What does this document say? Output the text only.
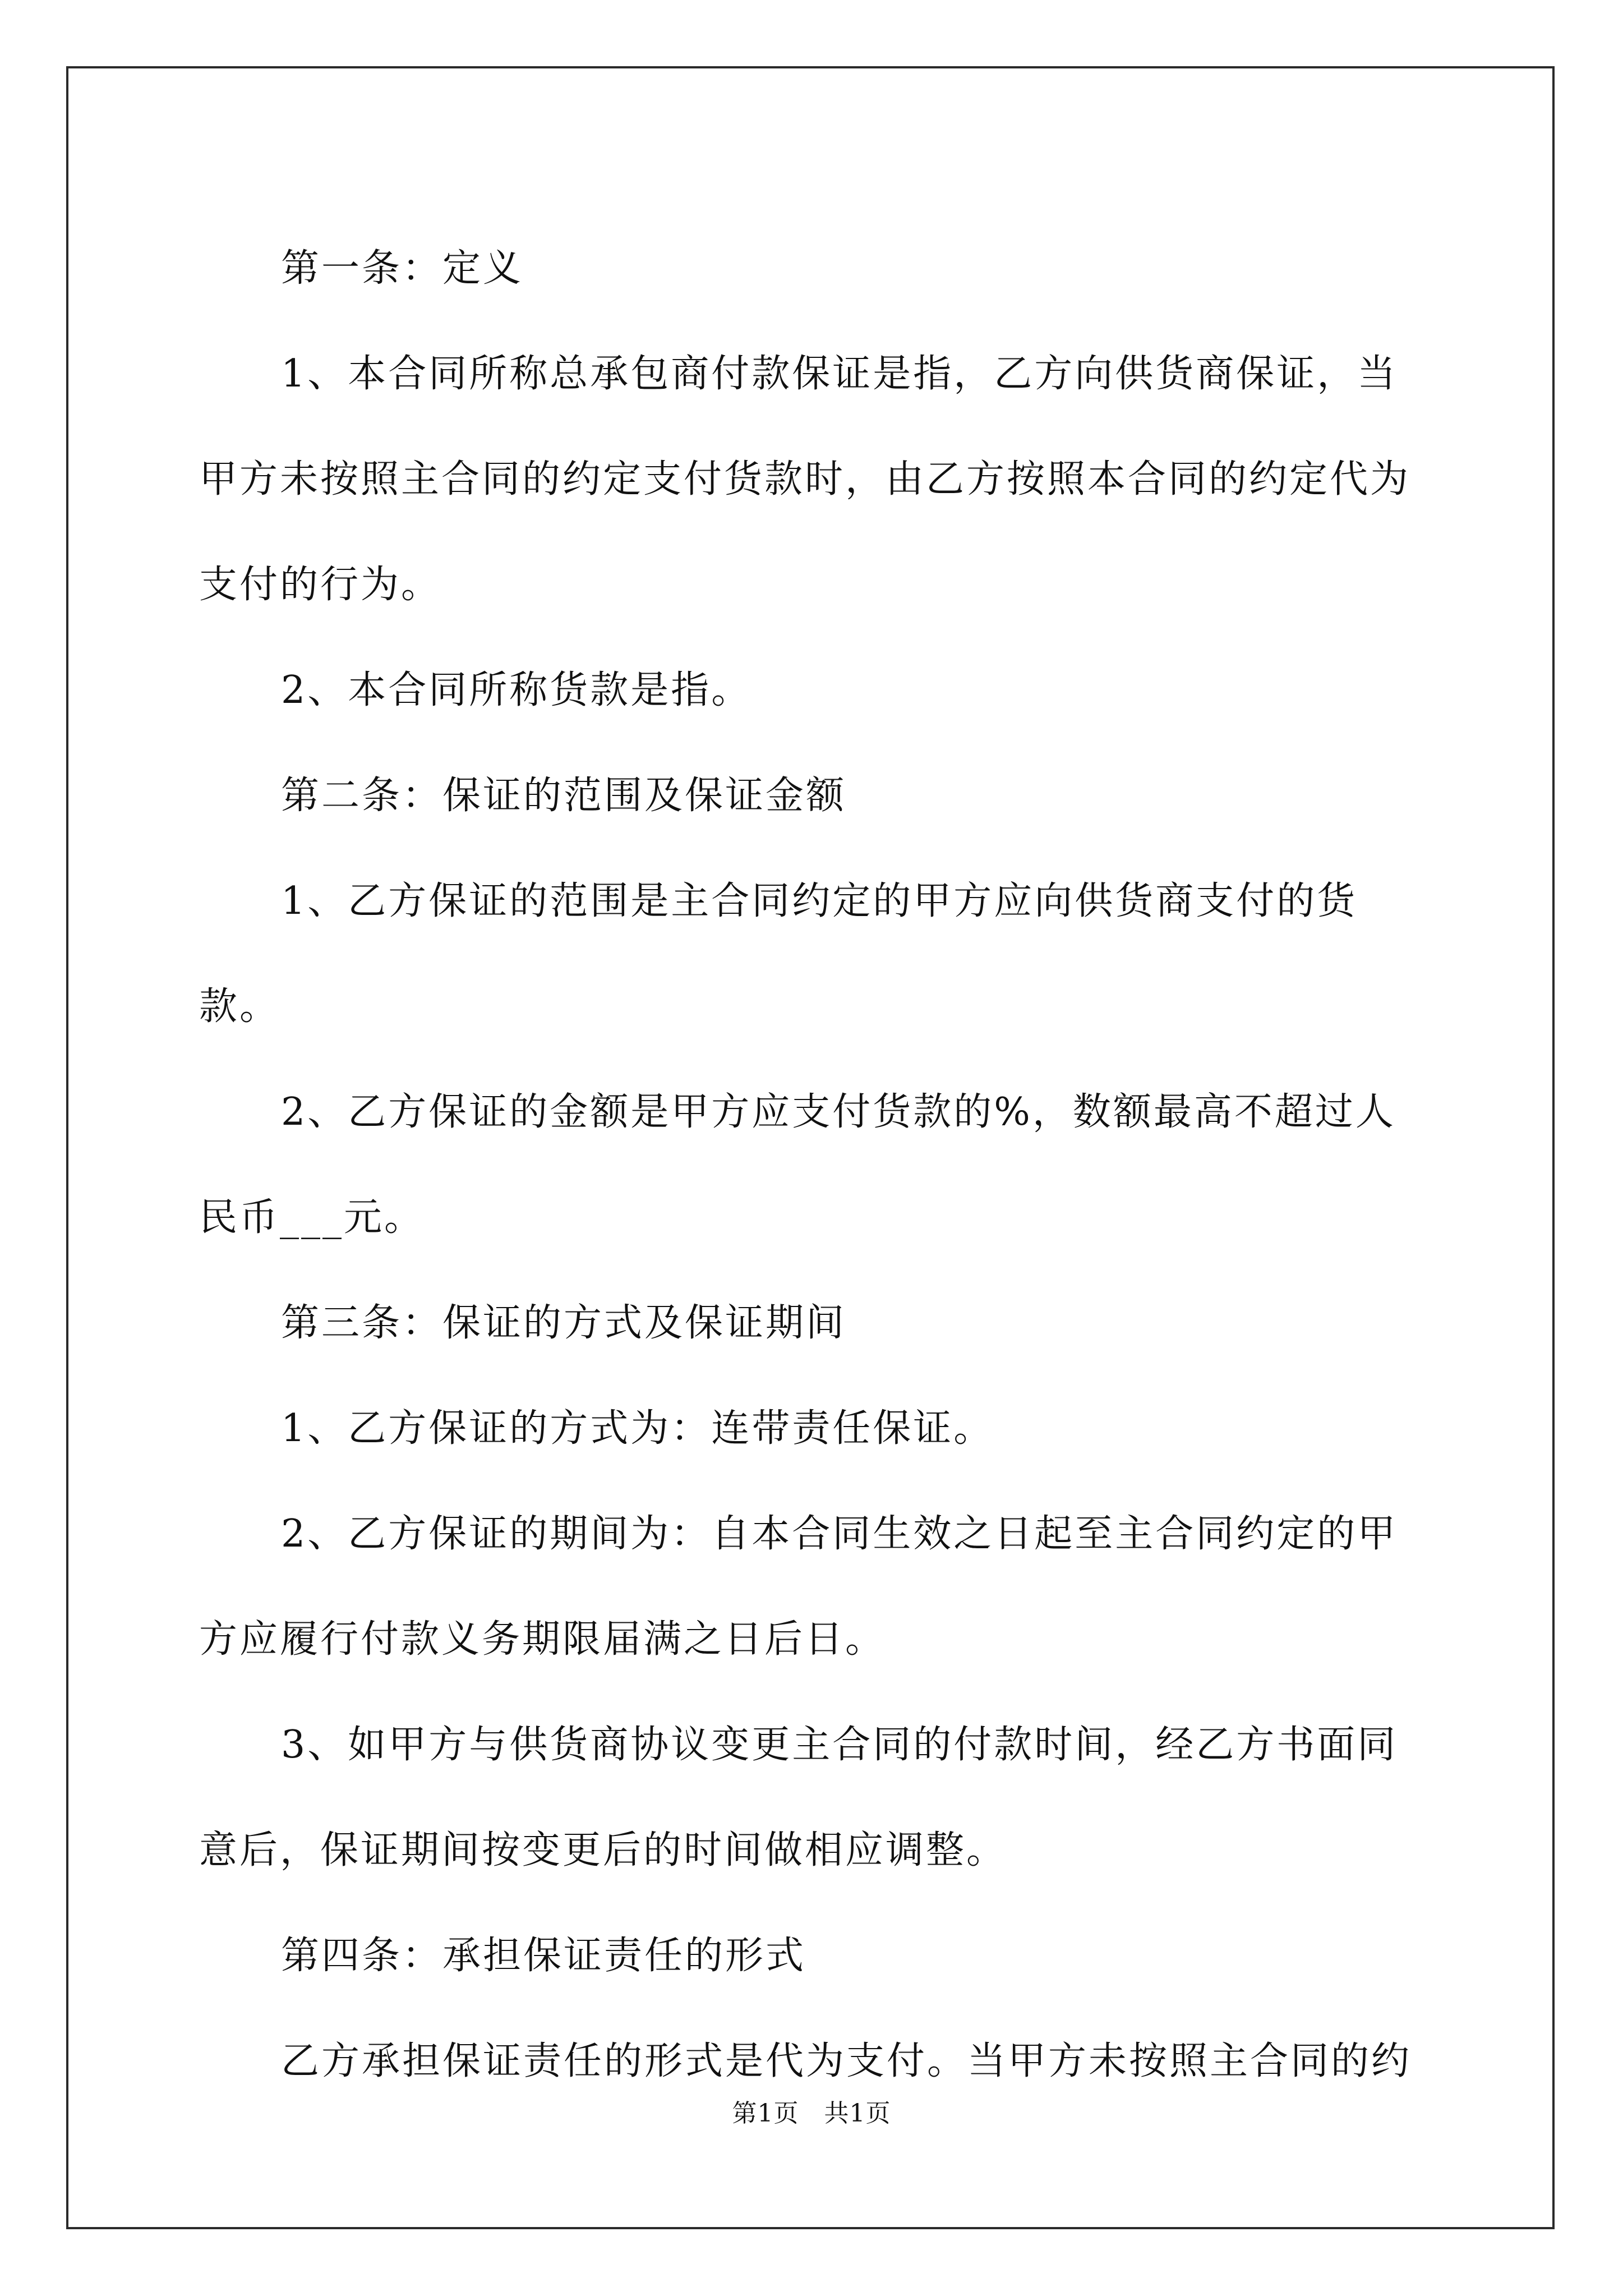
第一条：定义

1、本合同所称总承包商付款保证是指，乙方向供货商保证，当甲方未按照主合同的约定支付货款时，由乙方按照本合同的约定代为支付的行为。

2、本合同所称货款是指。

第二条：保证的范围及保证金额

1、乙方保证的范围是主合同约定的甲方应向供货商支付的货款。

2、乙方保证的金额是甲方应支付货款的%，数额最高不超过人民币___元。

第三条：保证的方式及保证期间

1、乙方保证的方式为：连带责任保证。

2、乙方保证的期间为：自本合同生效之日起至主合同约定的甲方应履行付款义务期限届满之日后日。

3、如甲方与供货商协议变更主合同的付款时间，经乙方书面同意后，保证期间按变更后的时间做相应调整。

第四条：承担保证责任的形式

乙方承担保证责任的形式是代为支付。当甲方未按照主合同的约

第1页　共1页
